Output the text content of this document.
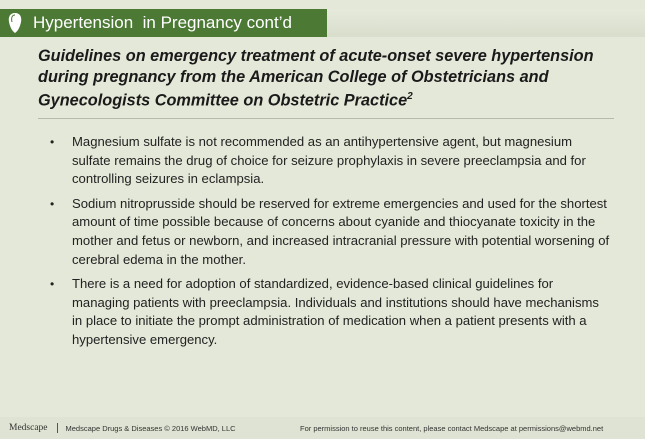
Hypertension  in Pregnancy cont’d
Guidelines on emergency treatment of acute-onset severe hypertension during pregnancy from the American College of Obstetricians and Gynecologists Committee on Obstetric Practice$^2$
• Magnesium sulfate is not recommended as an antihypertensive agent, but magnesium sulfate remains the drug of choice for seizure prophylaxis in severe preeclampsia and for controlling seizures in eclampsia.
• Sodium nitroprusside should be reserved for extreme emergencies and used for the shortest amount of time possible because of concerns about cyanide and thiocyanate toxicity in the mother and fetus or newborn, and increased intracranial pressure with potential worsening of cerebral edema in the mother.
• There is a need for adoption of standardized, evidence-based clinical guidelines for managing patients with preeclampsia. Individuals and institutions should have mechanisms in place to initiate the prompt administration of medication when a patient presents with a hypertensive emergency.
Medscape Medscape Drugs & Diseases © 2016 WebMD, LLC	For permission to reuse this content, please contact Medscape at permissions@webmd.net
